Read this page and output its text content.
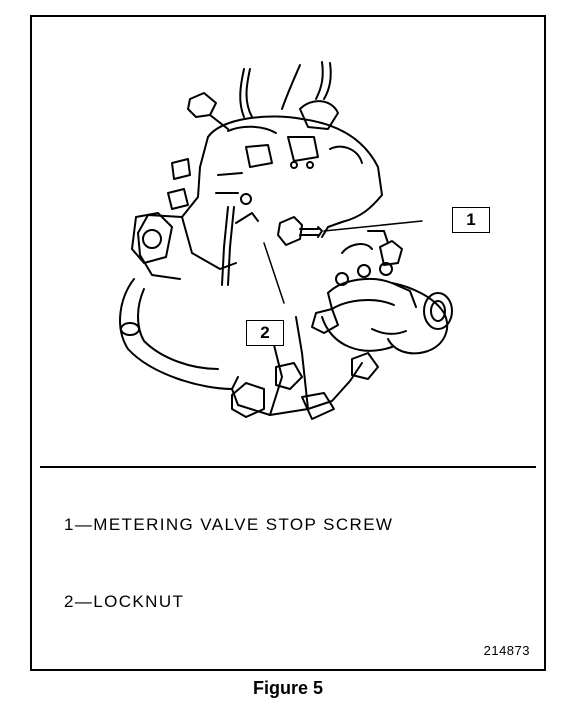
1
2
1—METERING VALVE STOP SCREW
2—LOCKNUT
214873
Figure 5
